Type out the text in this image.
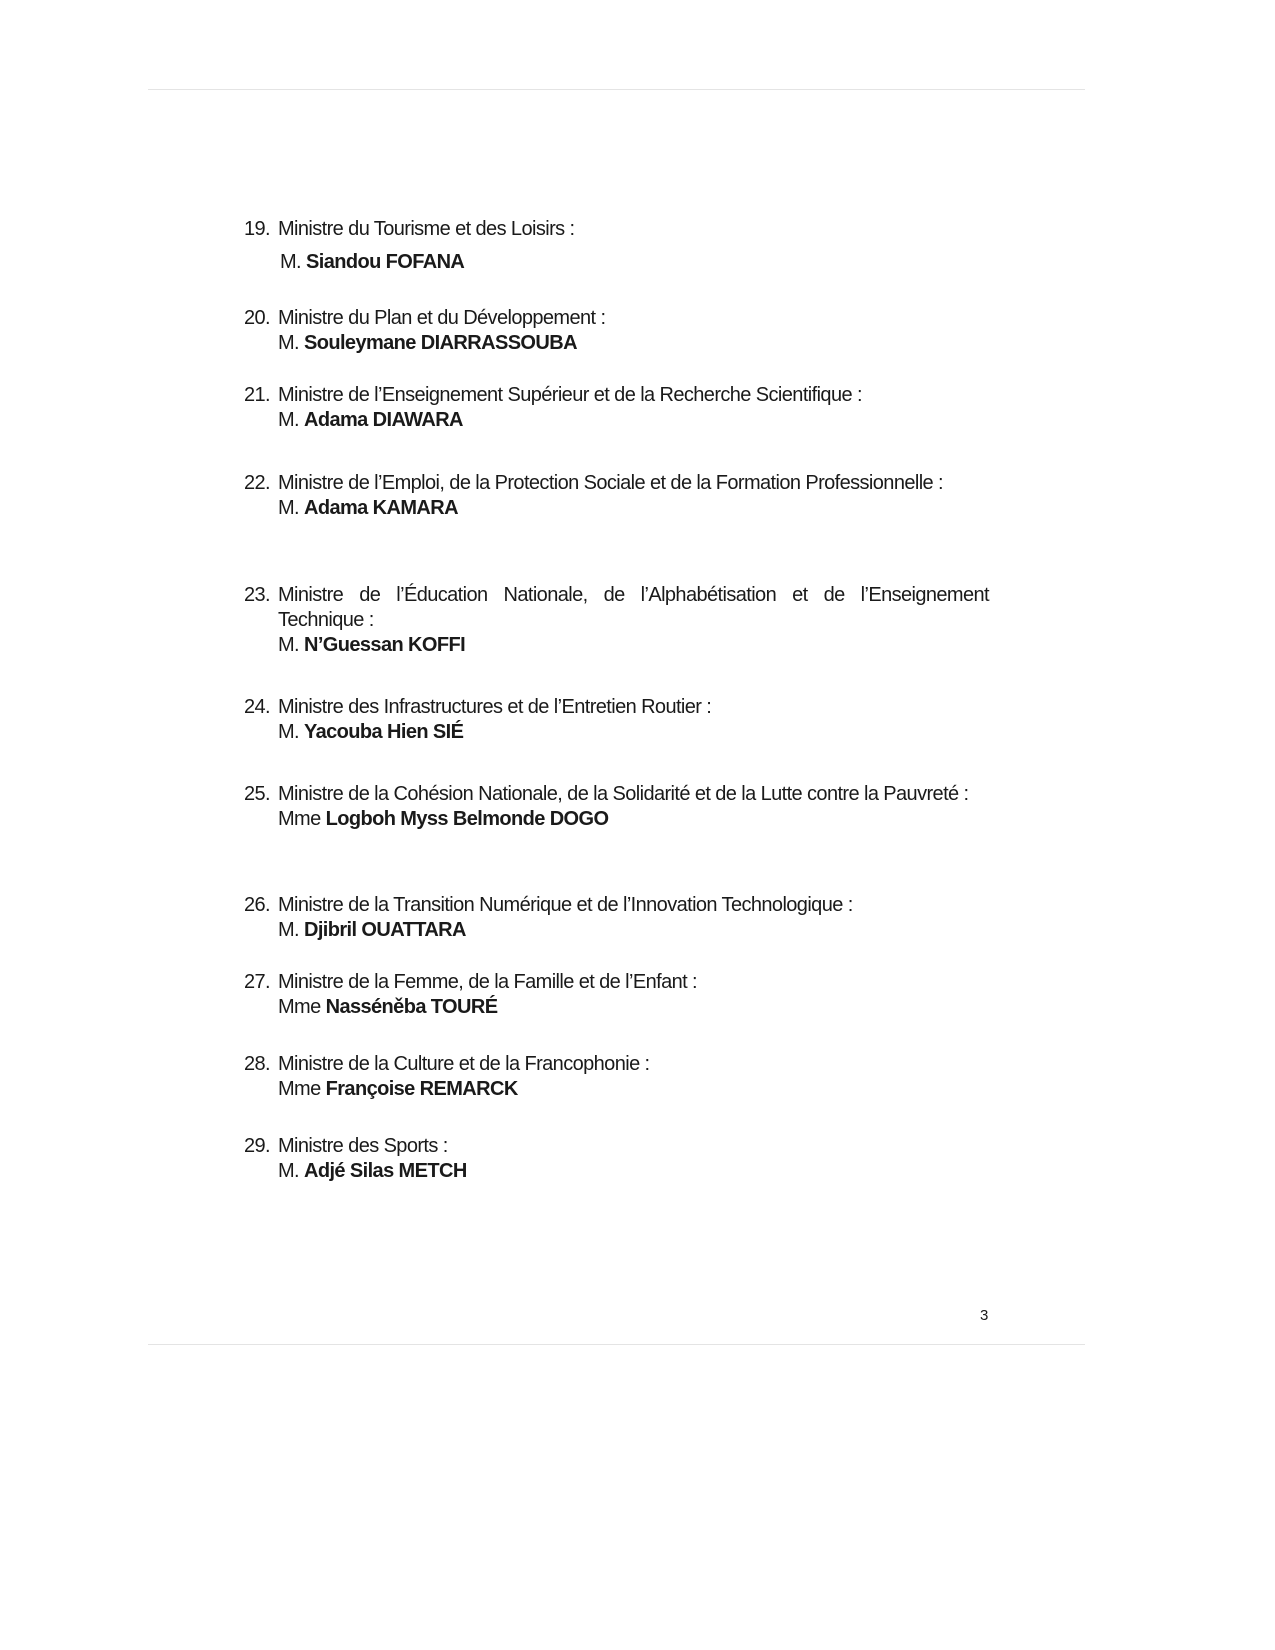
19. Ministre du Tourisme et des Loisirs :
M. Siandou FOFANA
20. Ministre du Plan et du Développement :
M. Souleymane DIARRASSOUBA
21. Ministre de l’Enseignement Supérieur et de la Recherche Scientifique :
M. Adama DIAWARA
22. Ministre de l’Emploi, de la Protection Sociale et de la Formation Professionnelle :
M. Adama KAMARA
23. Ministre de l’Éducation Nationale, de l’Alphabétisation et de l’Enseignement Technique :
M. N’Guessan KOFFI
24. Ministre des Infrastructures et de l’Entretien Routier :
M. Yacouba Hien SIÉ
25. Ministre de la Cohésion Nationale, de la Solidarité et de la Lutte contre la Pauvreté :
Mme Logboh Myss Belmonde DOGO
26. Ministre de la Transition Numérique et de l’Innovation Technologique :
M. Djibril OUATTARA
27. Ministre de la Femme, de la Famille et de l’Enfant :
Mme Nasséněba TOURÉ
28. Ministre de la Culture et de la Francophonie :
Mme Françoise REMARCK
29. Ministre des Sports :
M. Adjé Silas METCH
3
